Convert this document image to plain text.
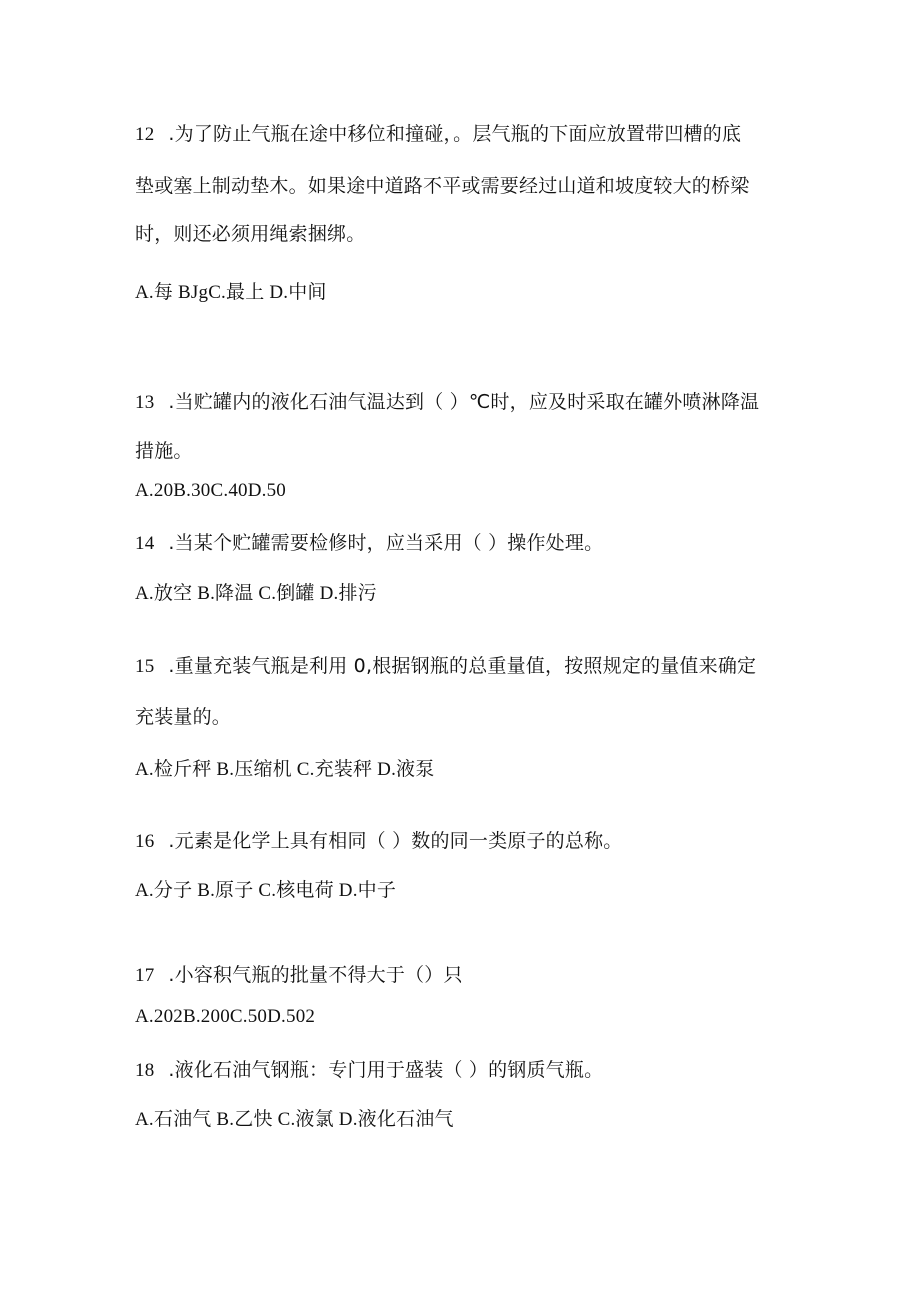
12 .为了防止气瓶在途中移位和撞碰，。层气瓶的下面应放置带凹槽的底
垫或塞上制动垫木。如果途中道路不平或需要经过山道和坡度较大的桥梁
时，则还必须用绳索捆绑。
A.每 BJgC.最上 D.中间
13 .当贮罐内的液化石油气温达到（ ）℃时，应及时采取在罐外喷淋降温
措施。
A.20B.30C.40D.50
14 .当某个贮罐需要检修时，应当采用（ ）操作处理。
A.放空 B.降温 C.倒罐 D.排污
15 .重量充装气瓶是利用 0,根据钢瓶的总重量值，按照规定的量值来确定
充装量的。
A.检斤秤 B.压缩机 C.充装秤 D.液泵
16 .元素是化学上具有相同（ ）数的同一类原子的总称。
A.分子 B.原子 C.核电荷 D.中子
17 .小容积气瓶的批量不得大于（）只
A.202B.200C.50D.502
18 .液化石油气钢瓶：专门用于盛装（ ）的钢质气瓶。
A.石油气 B.乙快 C.液氯 D.液化石油气
